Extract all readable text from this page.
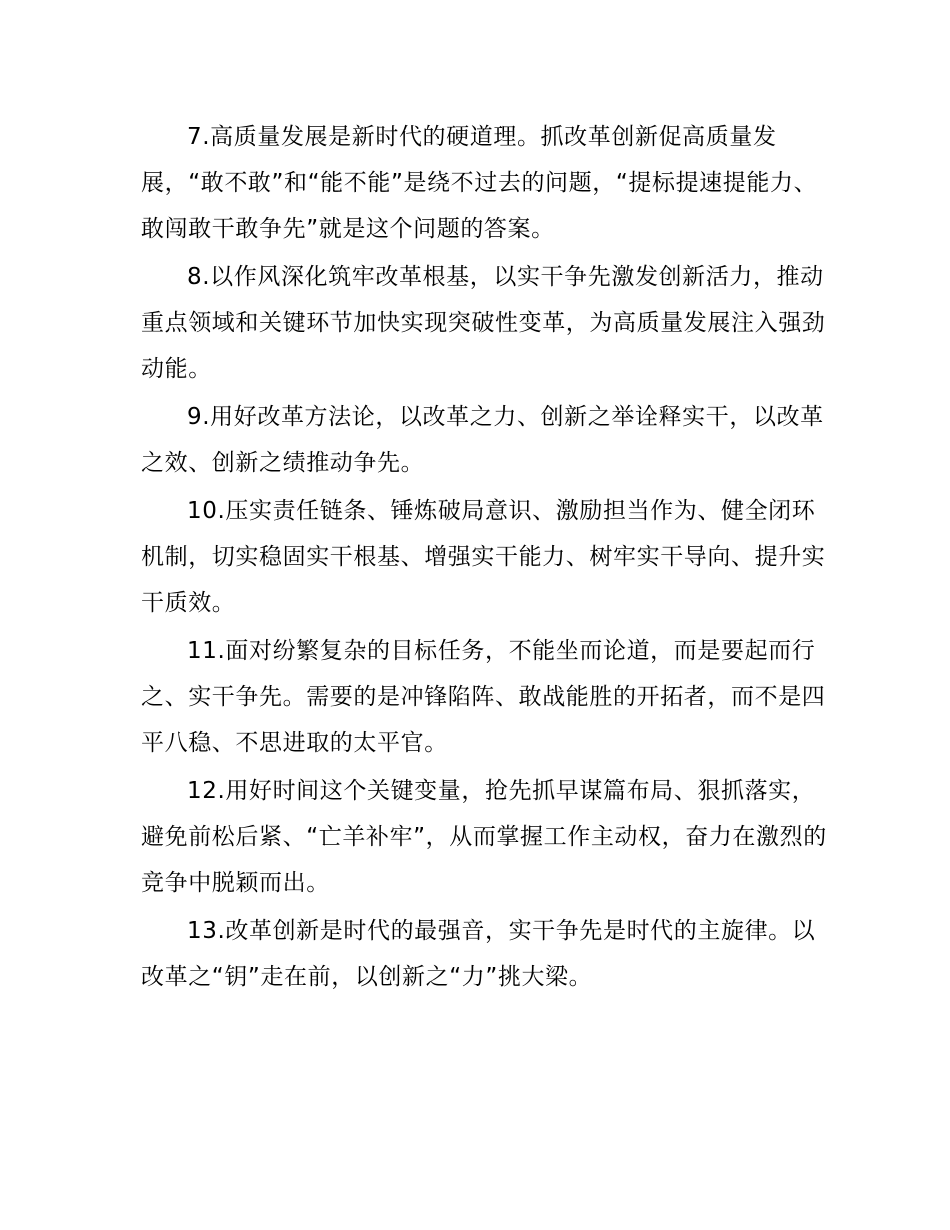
7.高质量发展是新时代的硬道理。抓改革创新促高质量发展，“敢不敢”和“能不能”是绕不过去的问题，“提标提速提能力、敢闯敢干敢争先”就是这个问题的答案。

8.以作风深化筑牢改革根基，以实干争先激发创新活力，推动重点领域和关键环节加快实现突破性变革，为高质量发展注入强劲动能。

9.用好改革方法论，以改革之力、创新之举诠释实干，以改革之效、创新之绩推动争先。

10.压实责任链条、锤炼破局意识、激励担当作为、健全闭环机制，切实稳固实干根基、增强实干能力、树牢实干导向、提升实干质效。

11.面对纷繁复杂的目标任务，不能坐而论道，而是要起而行之、实干争先。需要的是冲锋陷阵、敢战能胜的开拓者，而不是四平八稳、不思进取的太平官。

12.用好时间这个关键变量，抢先抓早谋篇布局、狠抓落实，避免前松后紧、“亡羊补牢”，从而掌握工作主动权，奋力在激烈的竞争中脱颖而出。

13.改革创新是时代的最强音，实干争先是时代的主旋律。以改革之“钥”走在前，以创新之“力”挑大梁。
